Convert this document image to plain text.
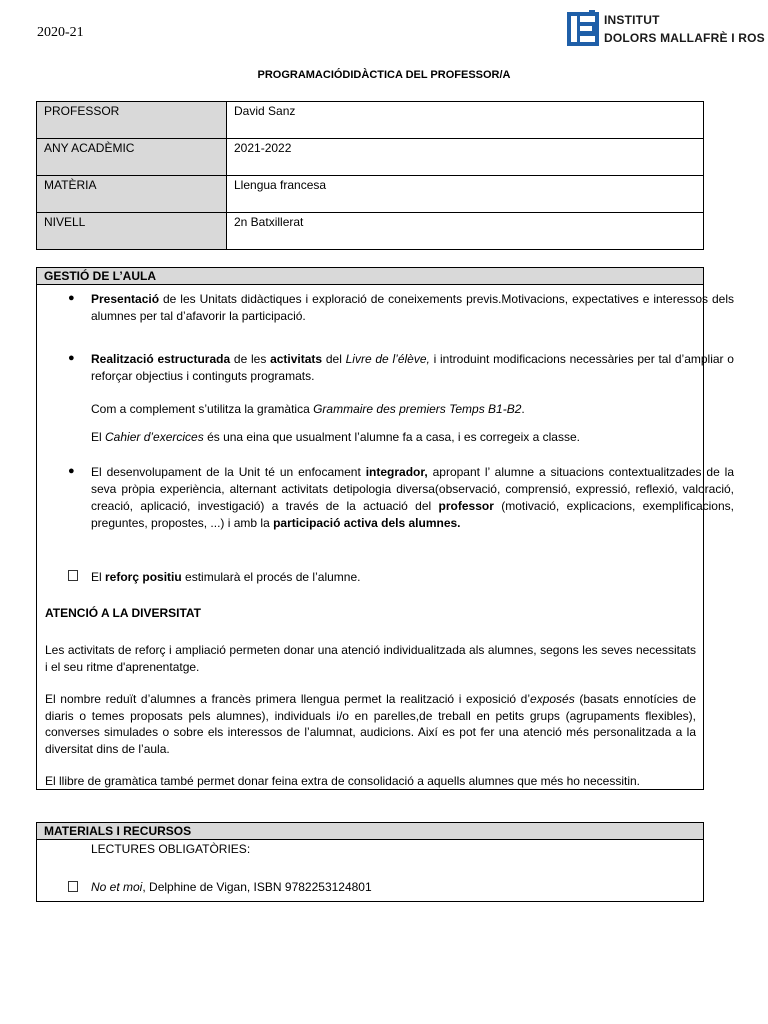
2020-21
INSTITUT
DOLORS MALLAFRÈ I ROS
PROGRAMACIÓDIDÀCTICA DEL PROFESSOR/A
PROFESSOR	David Sanz
ANY ACADÈMIC	2021-2022
MATÈRIA	Llengua francesa
NIVELL	2n Batxillerat
GESTIÓ DE L’AULA
● Presentació de les Unitats didàctiques i exploració de coneixements previs.Motivacions, expectatives e interessos dels alumnes per tal d’afavorir la participació.
● Realització estructurada de les activitats del Livre de l’élève, i introduint modificacions necessàries per tal d’ampliar o reforçar objectius i continguts programats.
Com a complement s’utilitza la gramàtica Grammaire des premiers Temps B1-B2.
El Cahier d’exercices és una eina que usualment l’alumne fa a casa, i es corregeix a classe.
● El desenvolupament de la Unit té un enfocament integrador, apropant l’ alumne a situacions contextualitzades de la seva pròpia experiència, alternant activitats detipologia diversa(observació, comprensió, expressió, reflexió, valoració, creació, aplicació, investigació) a través de la actuació del professor (motivació, explicacions, exemplificacions, preguntes, propostes, ...) i amb la participació activa dels alumnes.
El reforç positiu estimularà el procés de l’alumne.
ATENCIÓ A LA DIVERSITAT
Les activitats de reforç i ampliació permeten donar una atenció individualitzada als alumnes, segons les seves necessitats i el seu ritme d'aprenentatge.
El nombre reduït d’alumnes a francès primera llengua permet la realització i exposició d’exposés (basats ennotícies de diaris o temes proposats pels alumnes), individuals i/o en parelles,de treball en petits grups (agrupaments flexibles), converses simulades o sobre els interessos de l’alumnat, audicions. Així es pot fer una atenció més personalitzada a la diversitat dins de l’aula.
El llibre de gramàtica també permet donar feina extra de consolidació a aquells alumnes que més ho necessitin.
MATERIALS I RECURSOS
LECTURES OBLIGATÒRIES:
No et moi, Delphine de Vigan, ISBN 9782253124801
